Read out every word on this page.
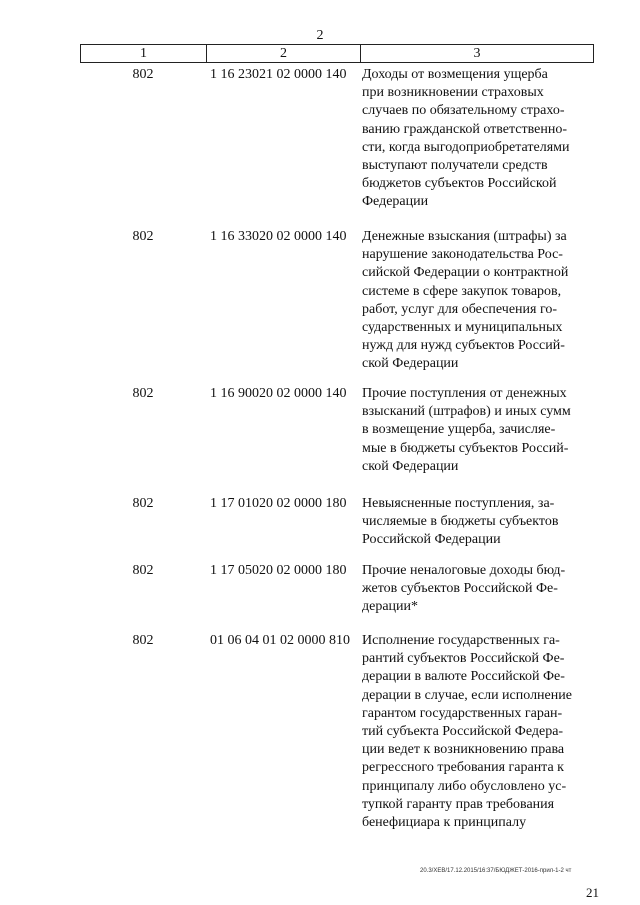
2
1	2	3
802	1 16 23021 02 0000 140	Доходы от возмещения ущерба
при возникновении страховых
случаев по обязательному страхо-
ванию гражданской ответственно-
сти, когда выгодоприобретателями
выступают получатели средств
бюджетов субъектов Российской
Федерации
802	1 16 33020 02 0000 140	Денежные взыскания (штрафы) за
нарушение законодательства Рос-
сийской Федерации о контрактной
системе в сфере закупок товаров,
работ, услуг для обеспечения го-
сударственных и муниципальных
нужд для нужд субъектов Россий-
ской Федерации
802	1 16 90020 02 0000 140	Прочие поступления от денежных
взысканий (штрафов) и иных сумм
в возмещение ущерба, зачисляе-
мые в бюджеты субъектов Россий-
ской Федерации
802	1 17 01020 02 0000 180	Невыясненные поступления, за-
числяемые в бюджеты субъектов
Российской Федерации
802	1 17 05020 02 0000 180	Прочие неналоговые доходы бюд-
жетов субъектов Российской Фе-
дерации*
802	01 06 04 01 02 0000 810 Исполнение государственных га-
рантий субъектов Российской Фе-
дерации в валюте Российской Фе-
дерации в случае, если исполнение
гарантом государственных гаран-
тий субъекта Российской Федера-
ции ведет к возникновению права
регрессного требования гаранта к
принципалу либо обусловлено ус-
тупкой гаранту прав требования
бенефициара к принципалу
20.3/ХЕВ/17.12.2015/16:37/БЮДЖЕТ-2016-прил-1-2 чт
21
